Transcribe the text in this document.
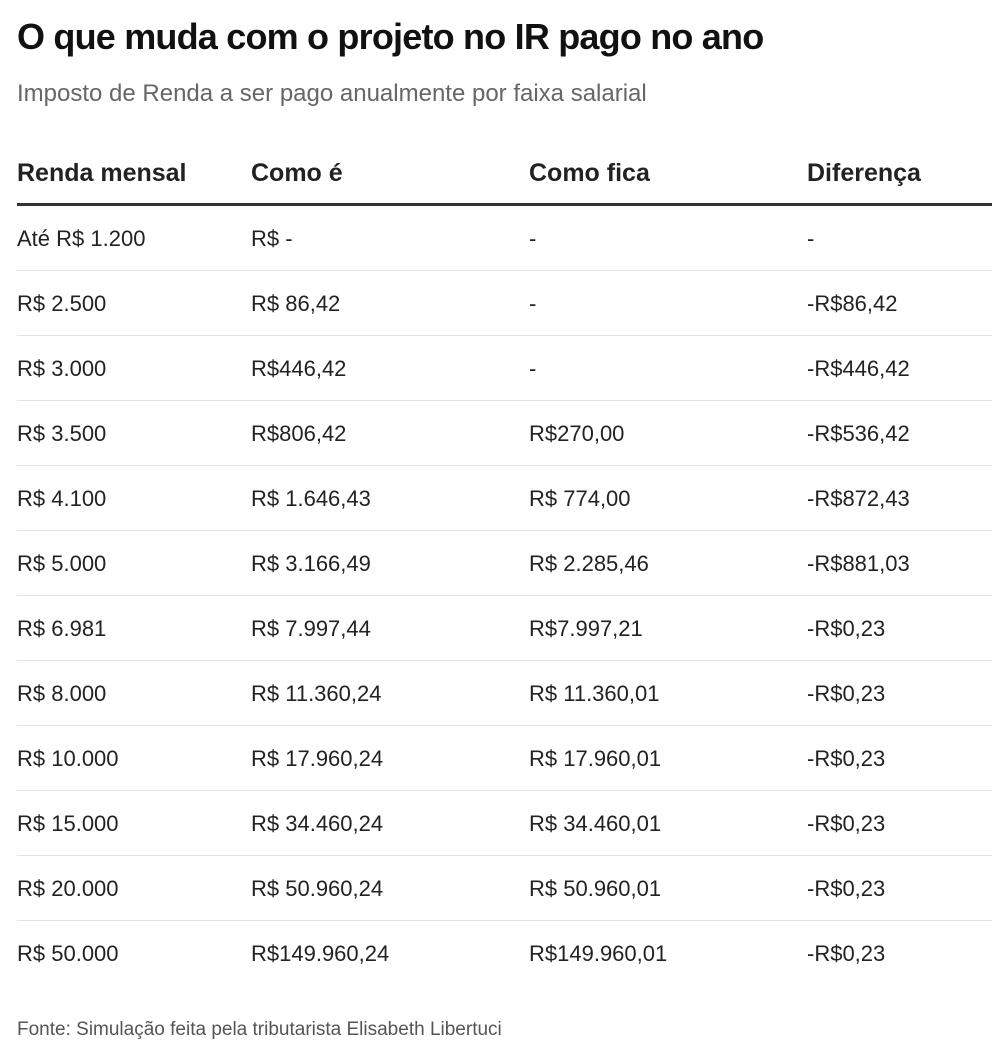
O que muda com o projeto no IR pago no ano
Imposto de Renda a ser pago anualmente por faixa salarial
Renda mensal	Como é	Como fica	Diferença
Até R$ 1.200	R$ -	-	-
R$ 2.500	R$ 86,42	-	-R$86,42
R$ 3.000	R$446,42	-	-R$446,42
R$ 3.500	R$806,42	R$270,00	-R$536,42
R$ 4.100	R$ 1.646,43	R$ 774,00	-R$872,43
R$ 5.000	R$ 3.166,49	R$ 2.285,46	-R$881,03
R$ 6.981	R$ 7.997,44	R$7.997,21	-R$0,23
R$ 8.000	R$ 11.360,24	R$ 11.360,01	-R$0,23
R$ 10.000	R$ 17.960,24	R$ 17.960,01	-R$0,23
R$ 15.000	R$ 34.460,24	R$ 34.460,01	-R$0,23
R$ 20.000	R$ 50.960,24	R$ 50.960,01	-R$0,23
R$ 50.000	R$149.960,24	R$149.960,01	-R$0,23

Fonte: Simulação feita pela tributarista Elisabeth Libertuci
